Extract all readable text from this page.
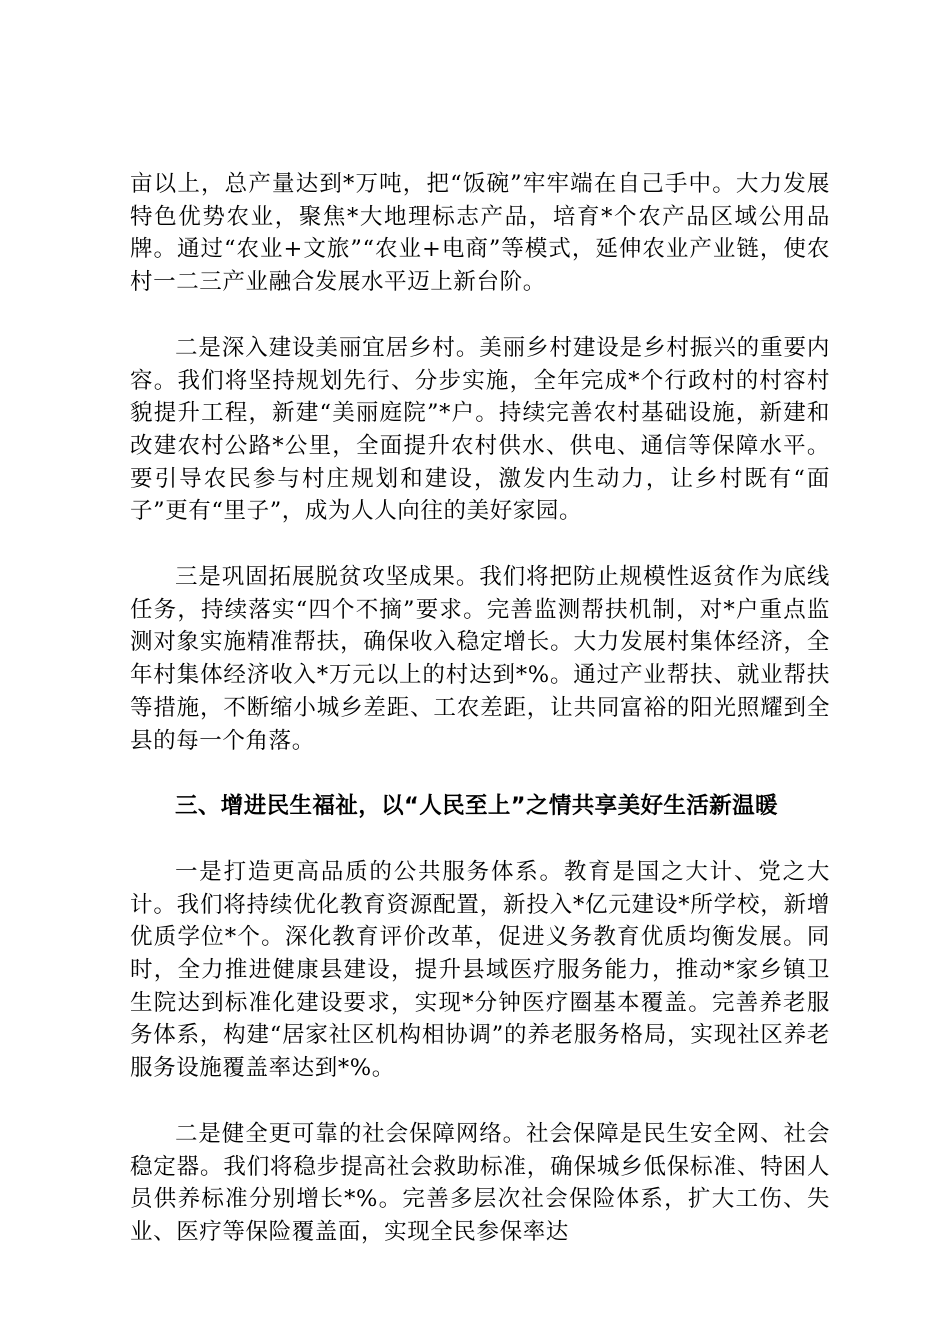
亩以上，总产量达到*万吨，把“饭碗”牢牢端在自己手中。大力发展特色优势农业，聚焦*大地理标志产品，培育*个农产品区域公用品牌。通过“农业+文旅”“农业+电商”等模式，延伸农业产业链，使农村一二三产业融合发展水平迈上新台阶。

二是深入建设美丽宜居乡村。美丽乡村建设是乡村振兴的重要内容。我们将坚持规划先行、分步实施，全年完成*个行政村的村容村貌提升工程，新建“美丽庭院”*户。持续完善农村基础设施，新建和改建农村公路*公里，全面提升农村供水、供电、通信等保障水平。要引导农民参与村庄规划和建设，激发内生动力，让乡村既有“面子”更有“里子”，成为人人向往的美好家园。

三是巩固拓展脱贫攻坚成果。我们将把防止规模性返贫作为底线任务，持续落实“四个不摘”要求。完善监测帮扶机制，对*户重点监测对象实施精准帮扶，确保收入稳定增长。大力发展村集体经济，全年村集体经济收入*万元以上的村达到*%。通过产业帮扶、就业帮扶等措施，不断缩小城乡差距、工农差距，让共同富裕的阳光照耀到全县的每一个角落。

三、增进民生福祉，以“人民至上”之情共享美好生活新温暖

一是打造更高品质的公共服务体系。教育是国之大计、党之大计。我们将持续优化教育资源配置，新投入*亿元建设*所学校，新增优质学位*个。深化教育评价改革，促进义务教育优质均衡发展。同时，全力推进健康县建设，提升县域医疗服务能力，推动*家乡镇卫生院达到标准化建设要求，实现*分钟医疗圈基本覆盖。完善养老服务体系，构建“居家社区机构相协调”的养老服务格局，实现社区养老服务设施覆盖率达到*%。

二是健全更可靠的社会保障网络。社会保障是民生安全网、社会稳定器。我们将稳步提高社会救助标准，确保城乡低保标准、特困人员供养标准分别增长*%。完善多层次社会保险体系，扩大工伤、失业、医疗等保险覆盖面，实现全民参保率达
